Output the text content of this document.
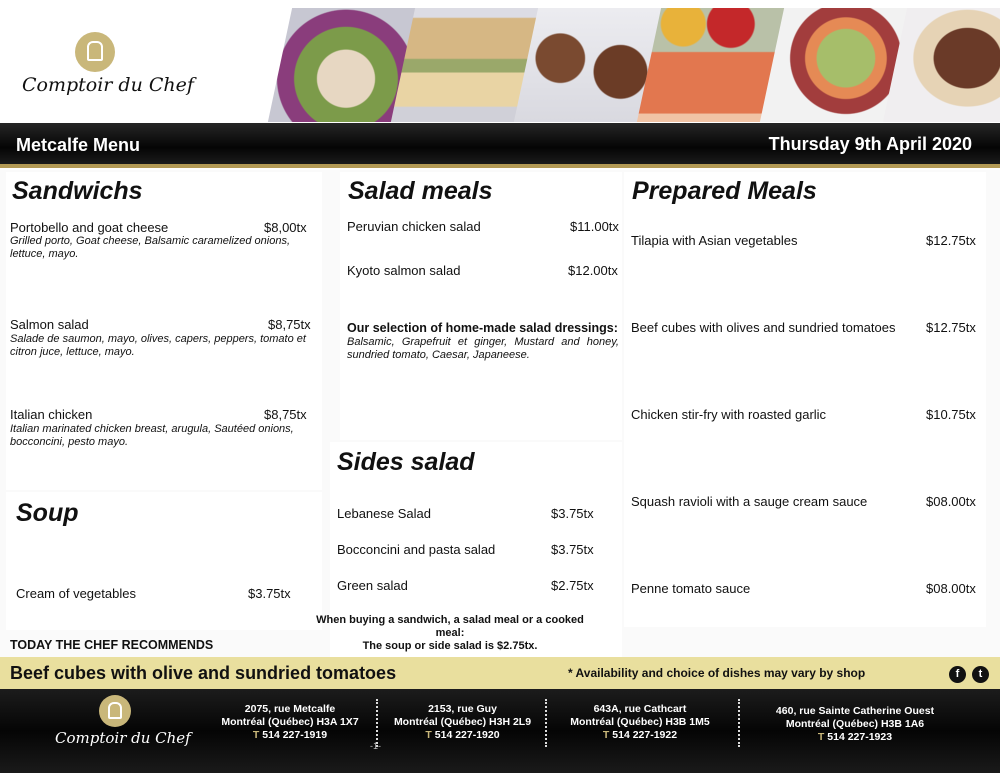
Comptoir du Chef
Metcalfe Menu	Thursday 9th April 2020
Sandwichs
Portobello and goat cheese	$8,00tx
Grilled porto, Goat cheese, Balsamic caramelized onions, lettuce, mayo.
Salmon salad	$8,75tx
Salade de saumon, mayo, olives, capers, peppers, tomato et citron juce, lettuce, mayo.
Italian chicken	$8,75tx
Italian marinated chicken breast, arugula, Sautéed onions, bocconcini, pesto mayo.
Soup
Cream of vegetables	$3.75tx
Salad meals
Peruvian chicken salad	$11.00tx
Kyoto salmon salad	$12.00tx
Our selection of home-made salad dressings:
Balsamic, Grapefruit et ginger, Mustard and honey, sundried tomato, Caesar, Japaneese.
Sides salad
Lebanese Salad	$3.75tx
Bocconcini and pasta salad	$3.75tx
Green salad	$2.75tx
Prepared Meals
Tilapia with Asian vegetables	$12.75tx
Beef cubes with olives and sundried tomatoes $12.75tx
Chicken stir-fry with roasted garlic	$10.75tx
Squash ravioli with a sauge cream sauce	$08.00tx
Penne tomato sauce	$08.00tx
When buying a sandwich, a salad meal or a cooked
meal:
The soup or side salad is $2.75tx.
TODAY THE CHEF RECOMMENDS
Beef cubes with olive and sundried tomatoes	* Availability and choice of dishes may vary by shop	f	t
Comptoir du Chef
2075, rue Metcalfe
Montréal (Québec) H3A 1X7
T 514 227-1919
2153, rue Guy
Montréal (Québec) H3H 2L9
T 514 227-1920
643A, rue Cathcart
Montréal (Québec) H3B 1M5
T 514 227-1922
460, rue Sainte Catherine Ouest
Montréal (Québec) H3B 1A6
T 514 227-1923
-1-
